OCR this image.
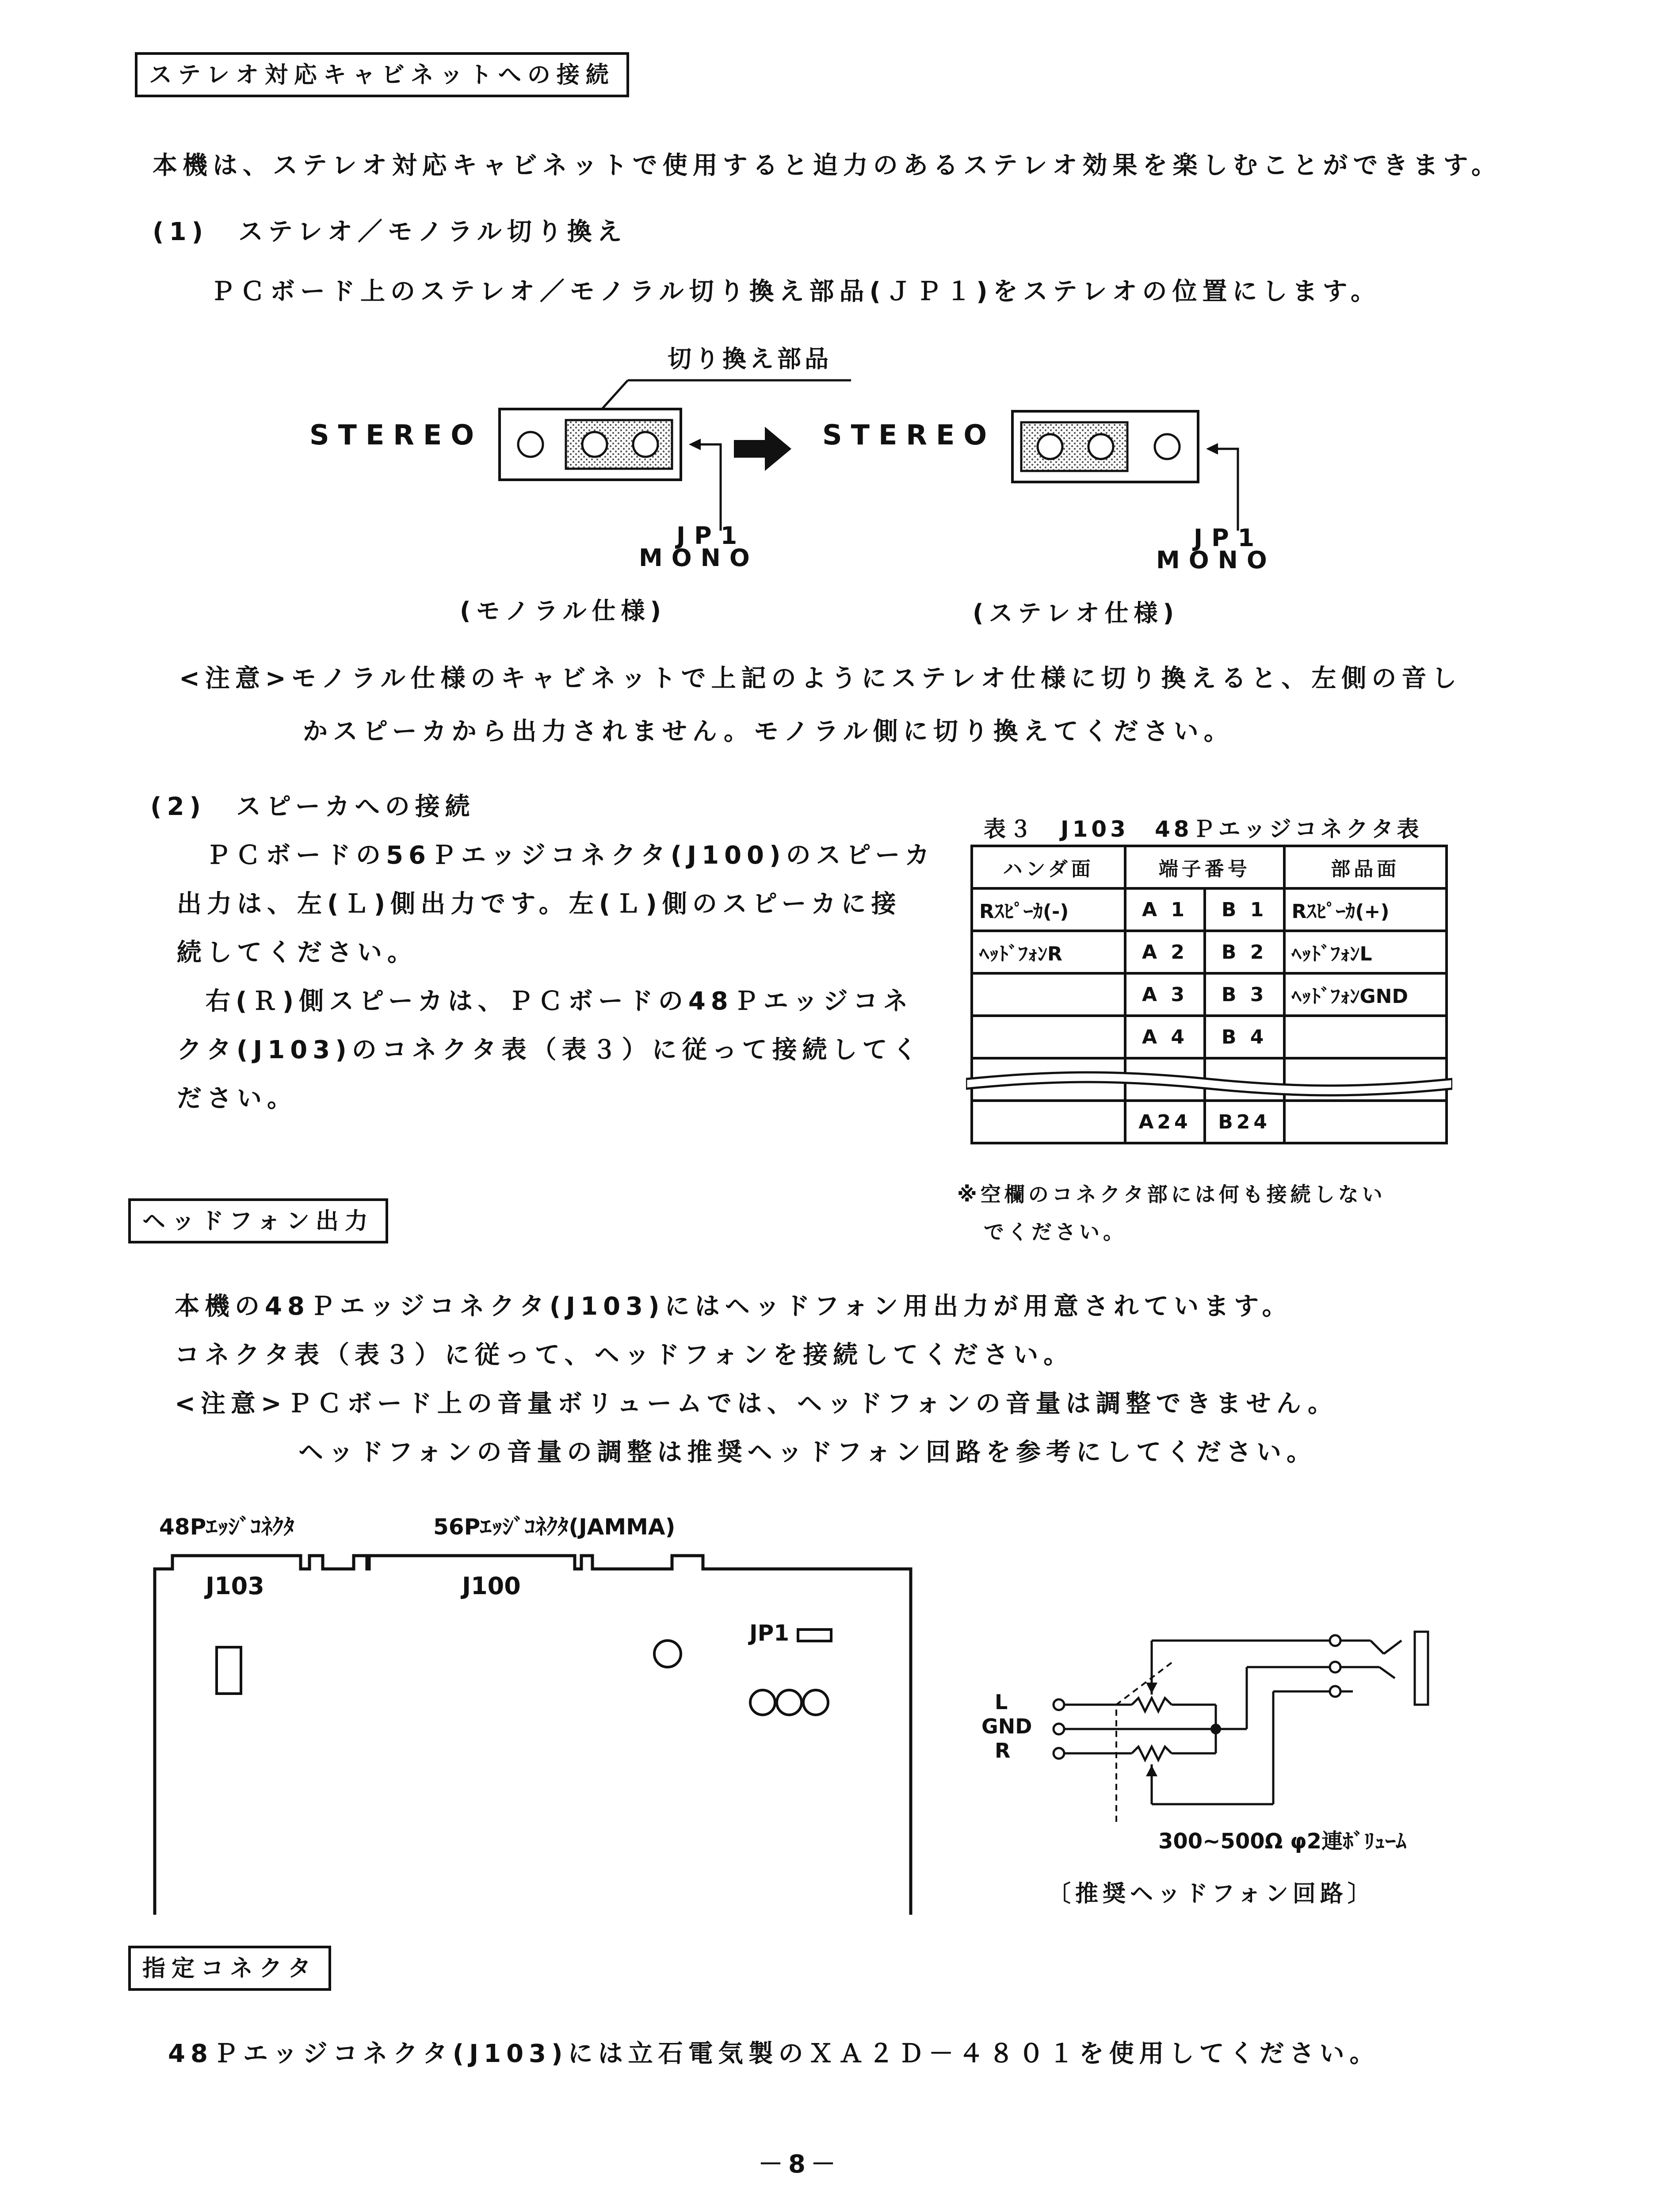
ステレオ対応キャビネットへの接続
本機は、ステレオ対応キャビネットで使用すると迫力のあるステレオ効果を楽しむことができます。
(1)　ステレオ／モノラル切り換え
ＰＣボード上のステレオ／モノラル切り換え部品(ＪＰ１)をステレオの位置にします。
切り換え部品
STEREO
JP1
MONO
(モノラル仕様)
STEREO
JP1
MONO
(ステレオ仕様)
<注意>モノラル仕様のキャビネットで上記のようにステレオ仕様に切り換えると、左側の音し
かスピーカから出力されません。モノラル側に切り換えてください。
(2)　スピーカへの接続
ＰＣボードの56Ｐエッジコネクタ(J100)のスピーカ
出力は、左(Ｌ)側出力です。左(Ｌ)側のスピーカに接
続してください。
右(Ｒ)側スピーカは、ＰＣボードの48Ｐエッジコネ
クタ(J103)のコネクタ表（表３）に従って接続してく
ださい。
表３　J103　48Ｐエッジコネクタ表
ハンダ面	端子番号		部品面
Rｽﾋﾟｰｶ(-)	A 1	B 1	Rｽﾋﾟｰｶ(+)
ﾍｯﾄﾞﾌｫﾝR	A 2	B 2	ﾍｯﾄﾞﾌｫﾝL
	A 3	B 3	ﾍｯﾄﾞﾌｫﾝGND
	A 4	B 4	

	A24	B24	
※空欄のコネクタ部には何も接続しない
でください。
ヘッドフォン出力
本機の48Ｐエッジコネクタ(J103)にはヘッドフォン用出力が用意されています。
コネクタ表（表３）に従って、ヘッドフォンを接続してください。
<注意>ＰＣボード上の音量ボリュームでは、ヘッドフォンの音量は調整できません。
ヘッドフォンの音量の調整は推奨ヘッドフォン回路を参考にしてください。
48Pｴｯｼﾞｺﾈｸﾀ	56Pｴｯｼﾞｺﾈｸﾀ(JAMMA)
J103	J100
JP1
L
GND
R
300~500Ω φ2連ﾎﾞﾘｭｰﾑ
〔推奨ヘッドフォン回路〕
指定コネクタ
48Ｐエッジコネクタ(J103)には立石電気製のＸＡ２Ｄ－４８０１を使用してください。
－8－
